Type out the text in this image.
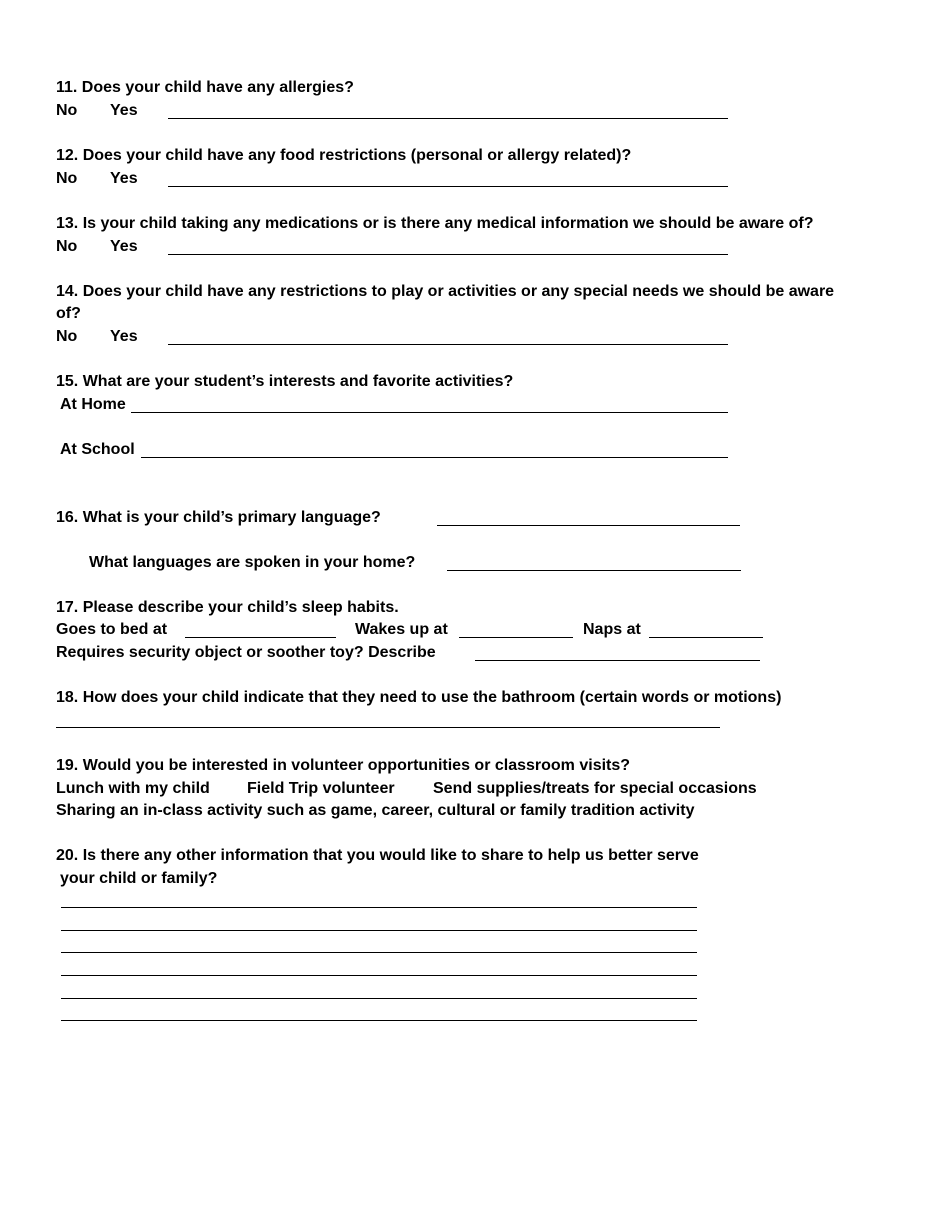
11. Does your child have any allergies?
No Yes
12. Does your child have any food restrictions (personal or allergy related)?
No Yes
13. Is your child taking any medications or is there any medical information we should be aware of?
No Yes
14. Does your child have any restrictions to play or activities or any special needs we should be aware
of?
No Yes
15. What are your student’s interests and favorite activities?
At Home
At School
16. What is your child’s primary language?
What languages are spoken in your home?
17. Please describe your child’s sleep habits.
Goes to bed at	Wakes up at	Naps at
Requires security object or soother toy? Describe
18. How does your child indicate that they need to use the bathroom (certain words or motions)
19. Would you be interested in volunteer opportunities or classroom visits?
Lunch with my child Field Trip volunteer Send supplies/treats for special occasions
Sharing an in-class activity such as game, career, cultural or family tradition activity
20. Is there any other information that you would like to share to help us better serve
your child or family?
